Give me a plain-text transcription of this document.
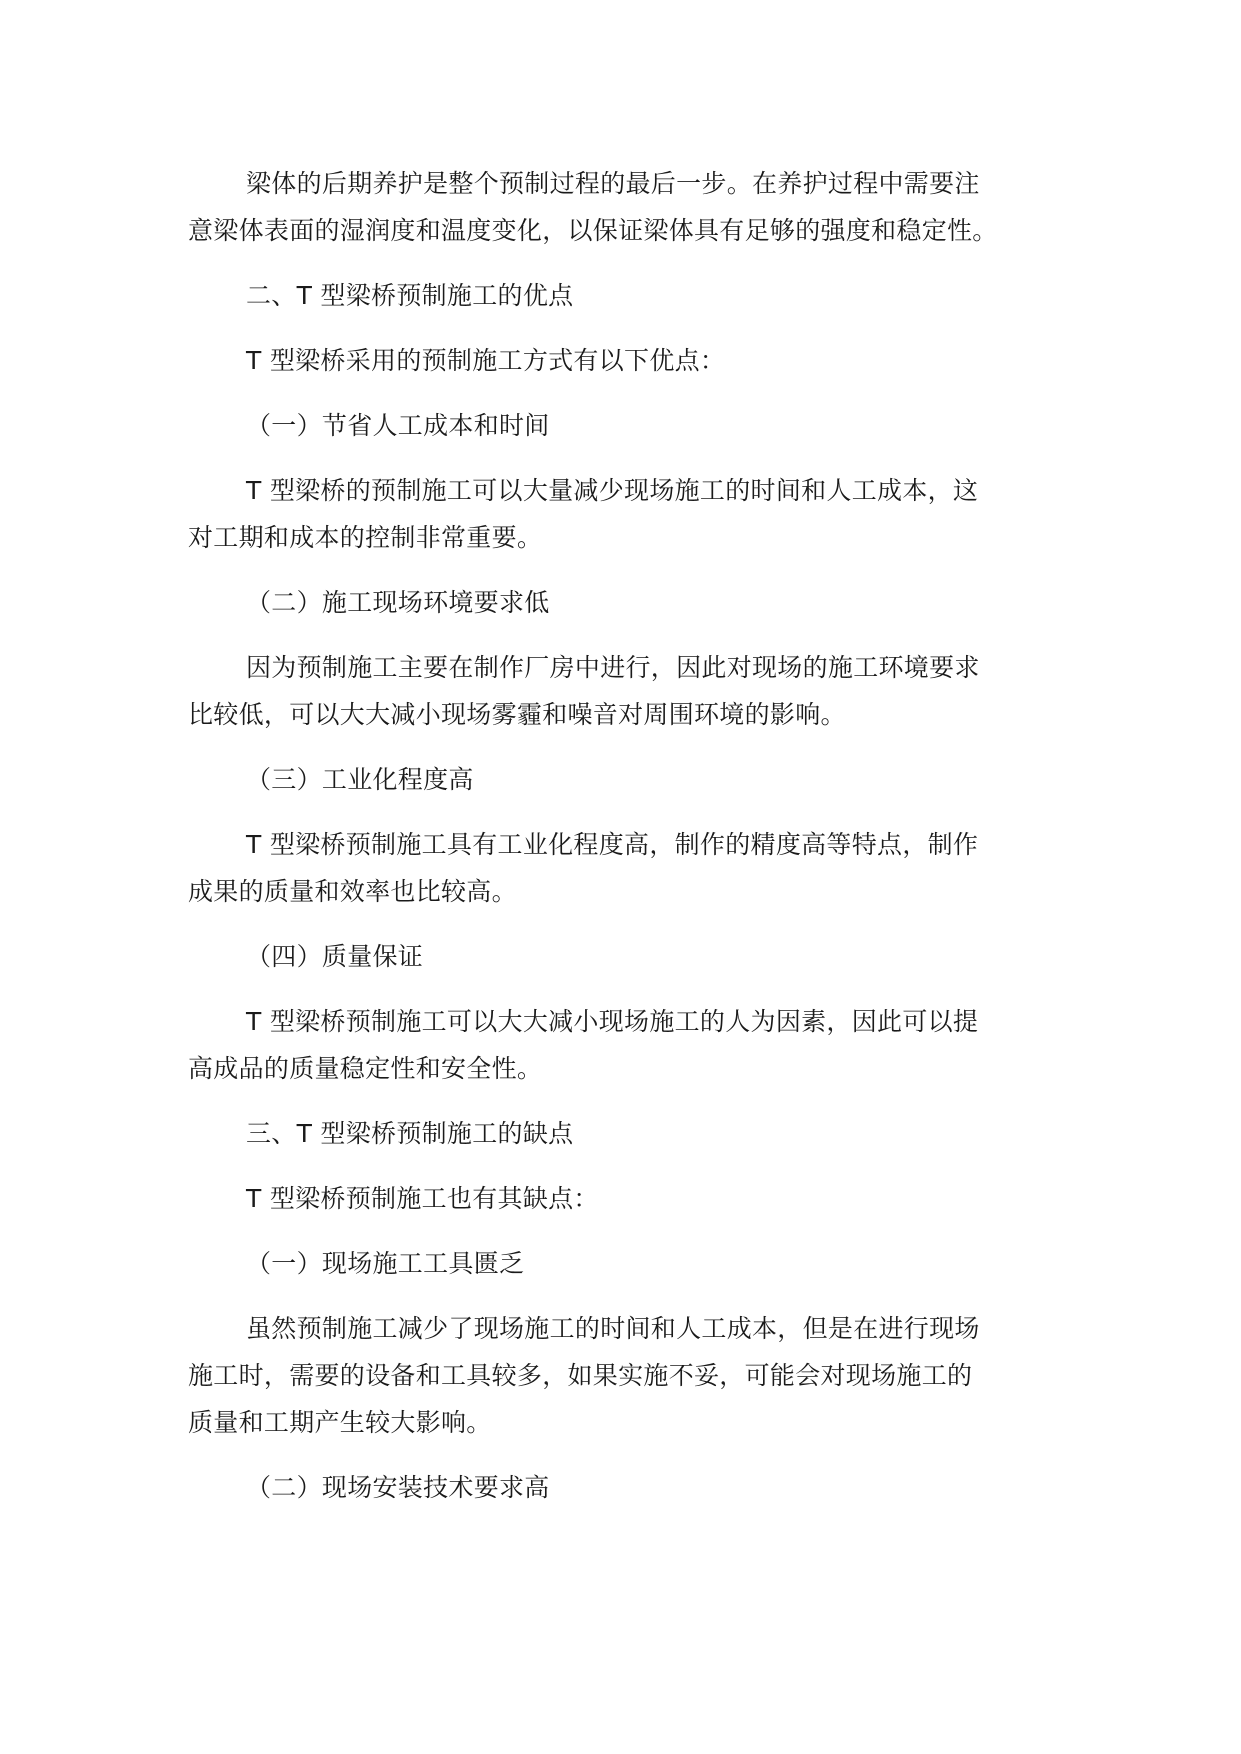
梁体的后期养护是整个预制过程的最后一步。在养护过程中需要注
意梁体表面的湿润度和温度变化，以保证梁体具有足够的强度和稳定性。

二、T 型梁桥预制施工的优点

T 型梁桥采用的预制施工方式有以下优点：

（一）节省人工成本和时间

T 型梁桥的预制施工可以大量减少现场施工的时间和人工成本，这
对工期和成本的控制非常重要。

（二）施工现场环境要求低

因为预制施工主要在制作厂房中进行，因此对现场的施工环境要求
比较低，可以大大减小现场雾霾和噪音对周围环境的影响。

（三）工业化程度高

T 型梁桥预制施工具有工业化程度高，制作的精度高等特点，制作
成果的质量和效率也比较高。

（四）质量保证

T 型梁桥预制施工可以大大减小现场施工的人为因素，因此可以提
高成品的质量稳定性和安全性。

三、T 型梁桥预制施工的缺点

T 型梁桥预制施工也有其缺点：

（一）现场施工工具匮乏

虽然预制施工减少了现场施工的时间和人工成本，但是在进行现场
施工时，需要的设备和工具较多，如果实施不妥，可能会对现场施工的
质量和工期产生较大影响。

（二）现场安装技术要求高
